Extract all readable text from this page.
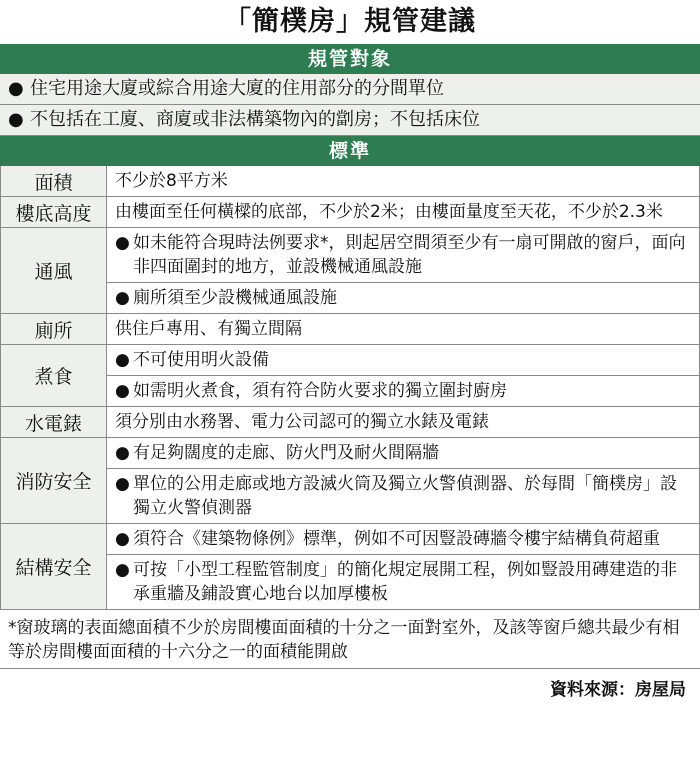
「簡樸房」規管建議
規管對象
● 住宅用途大廈或綜合用途大廈的住用部分的分間單位
● 不包括在工廈、商廈或非法構築物內的劏房；不包括床位
標準
面積	不少於8平方米
樓底高度	由樓面至任何橫樑的底部，不少於2米；由樓面量度至天花，不少於2.3米
通風	● 如未能符合現時法例要求*，則起居空間須至少有一扇可開啟的窗戶，面向非四面圍封的地方，並設機械通風設施
● 廁所須至少設機械通風設施

廁所	供住戶專用、有獨立間隔
煮食	● 不可使用明火設備
● 如需明火煮食，須有符合防火要求的獨立圍封廚房

水電錶	須分別由水務署、電力公司認可的獨立水錶及電錶
消防安全	● 有足夠闊度的走廊、防火門及耐火間隔牆
● 單位的公用走廊或地方設滅火筒及獨立火警偵測器、於每間「簡樸房」設獨立火警偵測器

結構安全	● 須符合《建築物條例》標準，例如不可因豎設磚牆令樓宇結構負荷超重
● 可按「小型工程監管制度」的簡化規定展開工程，例如豎設用磚建造的非承重牆及鋪設實心地台以加厚樓板
*窗玻璃的表面總面積不少於房間樓面面積的十分之一面對室外，及該等窗戶總共最少有相等於房間樓面面積的十六分之一的面積能開啟
資料來源：房屋局
